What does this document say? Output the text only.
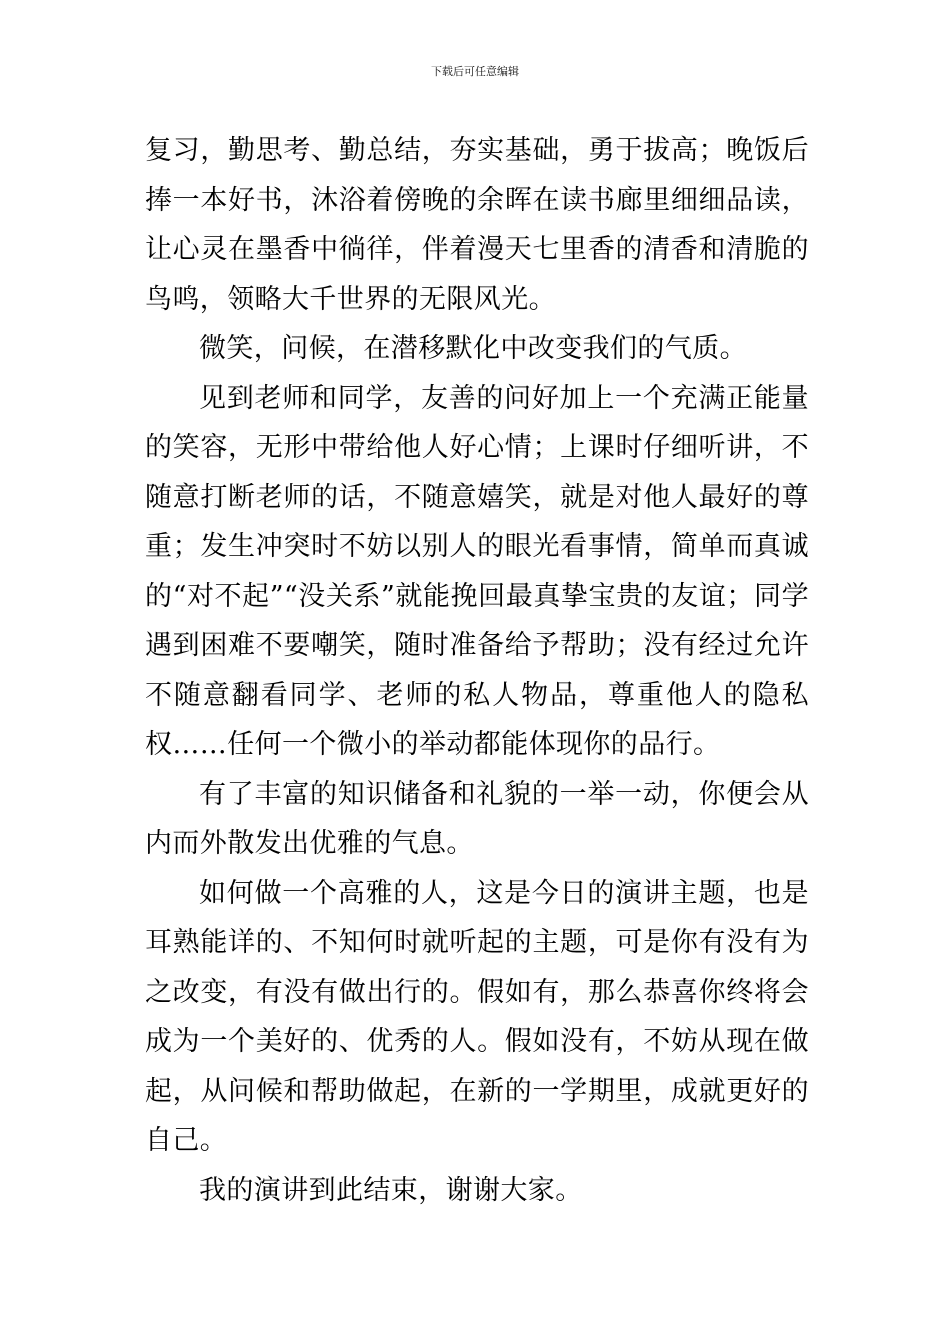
下载后可任意编辑

复习，勤思考、勤总结，夯实基础，勇于拔高；晚饭后捧一本好书，沐浴着傍晚的余晖在读书廊里细细品读，让心灵在墨香中徜徉，伴着漫天七里香的清香和清脆的鸟鸣，领略大千世界的无限风光。

微笑，问候，在潜移默化中改变我们的气质。

见到老师和同学，友善的问好加上一个充满正能量的笑容，无形中带给他人好心情；上课时仔细听讲，不随意打断老师的话，不随意嬉笑，就是对他人最好的尊重；发生冲突时不妨以别人的眼光看事情，简单而真诚的“对不起”“没关系”就能挽回最真挚宝贵的友谊；同学遇到困难不要嘲笑，随时准备给予帮助；没有经过允许不随意翻看同学、老师的私人物品，尊重他人的隐私权……任何一个微小的举动都能体现你的品行。

有了丰富的知识储备和礼貌的一举一动，你便会从内而外散发出优雅的气息。

如何做一个高雅的人，这是今日的演讲主题，也是耳熟能详的、不知何时就听起的主题，可是你有没有为之改变，有没有做出行的。假如有，那么恭喜你终将会成为一个美好的、优秀的人。假如没有，不妨从现在做起，从问候和帮助做起，在新的一学期里，成就更好的自己。

我的演讲到此结束，谢谢大家。
